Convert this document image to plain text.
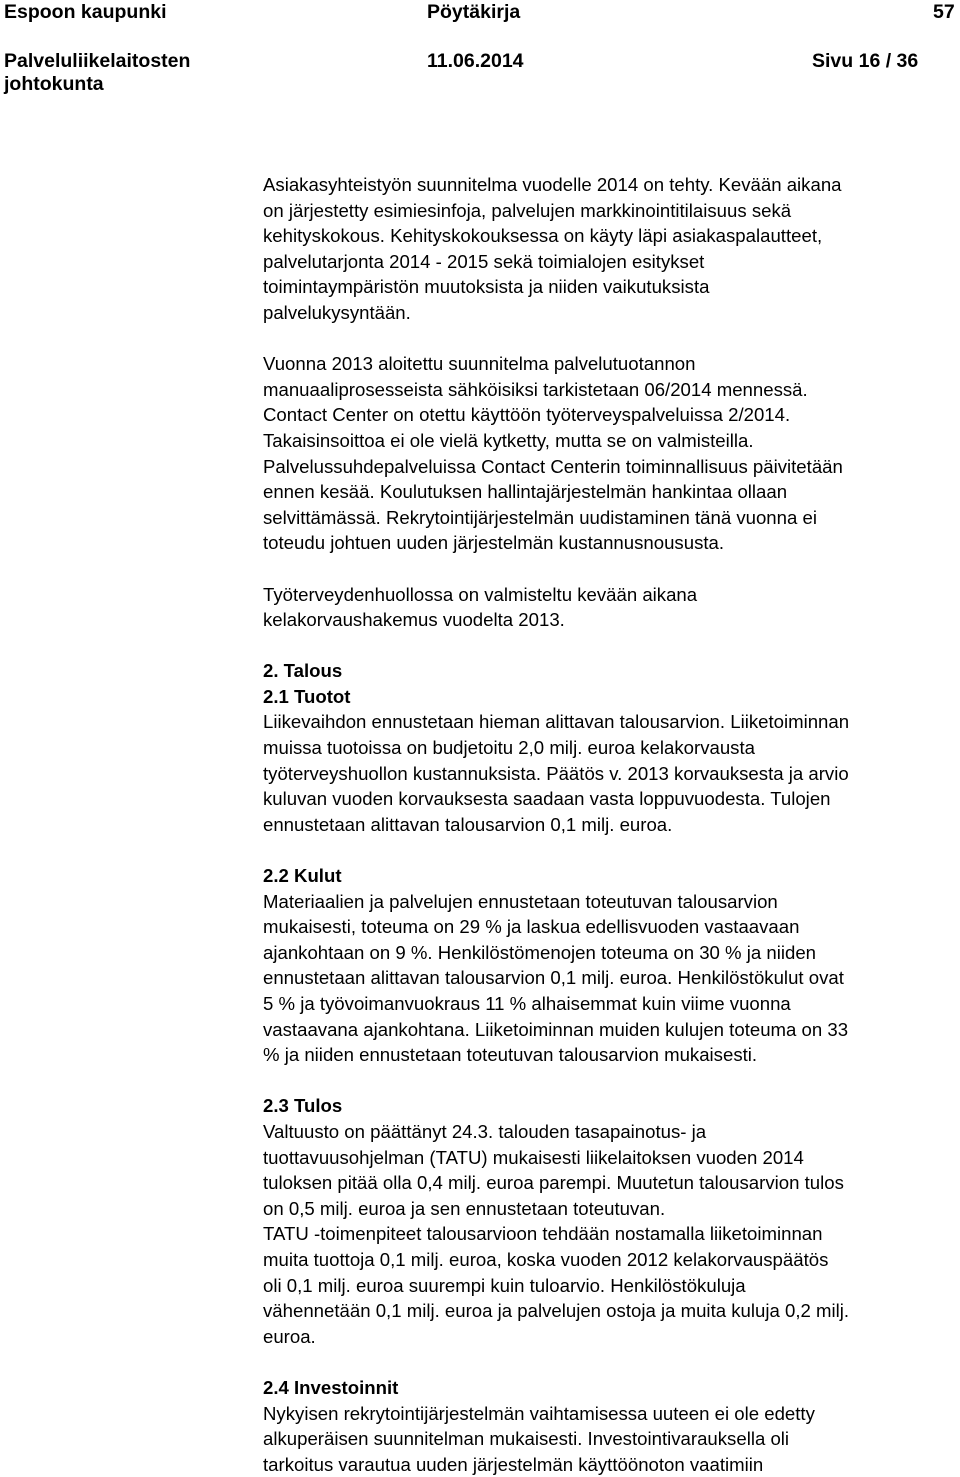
Espoon kaupunki	Pöytäkirja	57
Palveluliikelaitosten
johtokunta
11.06.2014	Sivu 16 / 36

Asiakasyhteistyön suunnitelma vuodelle 2014 on tehty. Kevään aikana
on järjestetty esimiesinfoja, palvelujen markkinointitilaisuus sekä
kehityskokous. Kehityskokouksessa on käyty läpi asiakaspalautteet,
palvelutarjonta 2014 - 2015 sekä toimialojen esitykset
toimintaympäristön muutoksista ja niiden vaikutuksista
palvelukysyntään.

Vuonna 2013 aloitettu suunnitelma palvelutuotannon
manuaaliprosesseista sähköisiksi tarkistetaan 06/2014 mennessä.
Contact Center on otettu käyttöön työterveyspalveluissa 2/2014.
Takaisinsoittoa ei ole vielä kytketty, mutta se on valmisteilla.
Palvelussuhdepalveluissa Contact Centerin toiminnallisuus päivitetään
ennen kesää. Koulutuksen hallintajärjestelmän hankintaa ollaan
selvittämässä. Rekrytointijärjestelmän uudistaminen tänä vuonna ei
toteudu johtuen uuden järjestelmän kustannusnoususta.

Työterveydenhuollossa on valmisteltu kevään aikana
kelakorvaushakemus vuodelta 2013.

2. Talous

2.1 Tuotot

Liikevaihdon ennustetaan hieman alittavan talousarvion. Liiketoiminnan
muissa tuotoissa on budjetoitu 2,0 milj. euroa kelakorvausta
työterveyshuollon kustannuksista. Päätös v. 2013 korvauksesta ja arvio
kuluvan vuoden korvauksesta saadaan vasta loppuvuodesta. Tulojen
ennustetaan alittavan talousarvion 0,1 milj. euroa.

2.2 Kulut

Materiaalien ja palvelujen ennustetaan toteutuvan talousarvion
mukaisesti, toteuma on 29 % ja laskua edellisvuoden vastaavaan
ajankohtaan on 9 %. Henkilöstömenojen toteuma on 30 % ja niiden
ennustetaan alittavan talousarvion 0,1 milj. euroa. Henkilöstökulut ovat
5 % ja työvoimanvuokraus 11 % alhaisemmat kuin viime vuonna
vastaavana ajankohtana. Liiketoiminnan muiden kulujen toteuma on 33
% ja niiden ennustetaan toteutuvan talousarvion mukaisesti.

2.3 Tulos

Valtuusto on päättänyt 24.3. talouden tasapainotus- ja
tuottavuusohjelman (TATU) mukaisesti liikelaitoksen vuoden 2014
tuloksen pitää olla 0,4 milj. euroa parempi. Muutetun talousarvion tulos
on 0,5 milj. euroa ja sen ennustetaan toteutuvan.
TATU -toimenpiteet talousarvioon tehdään nostamalla liiketoiminnan
muita tuottoja 0,1 milj. euroa, koska vuoden 2012 kelakorvauspäätös
oli 0,1 milj. euroa suurempi kuin tuloarvio. Henkilöstökuluja
vähennetään 0,1 milj. euroa ja palvelujen ostoja ja muita kuluja 0,2 milj.
euroa.

2.4 Investoinnit

Nykyisen rekrytointijärjestelmän vaihtamisessa uuteen ei ole edetty
alkuperäisen suunnitelman mukaisesti. Investointivarauksella oli
tarkoitus varautua uuden järjestelmän käyttöönoton vaatimiin
